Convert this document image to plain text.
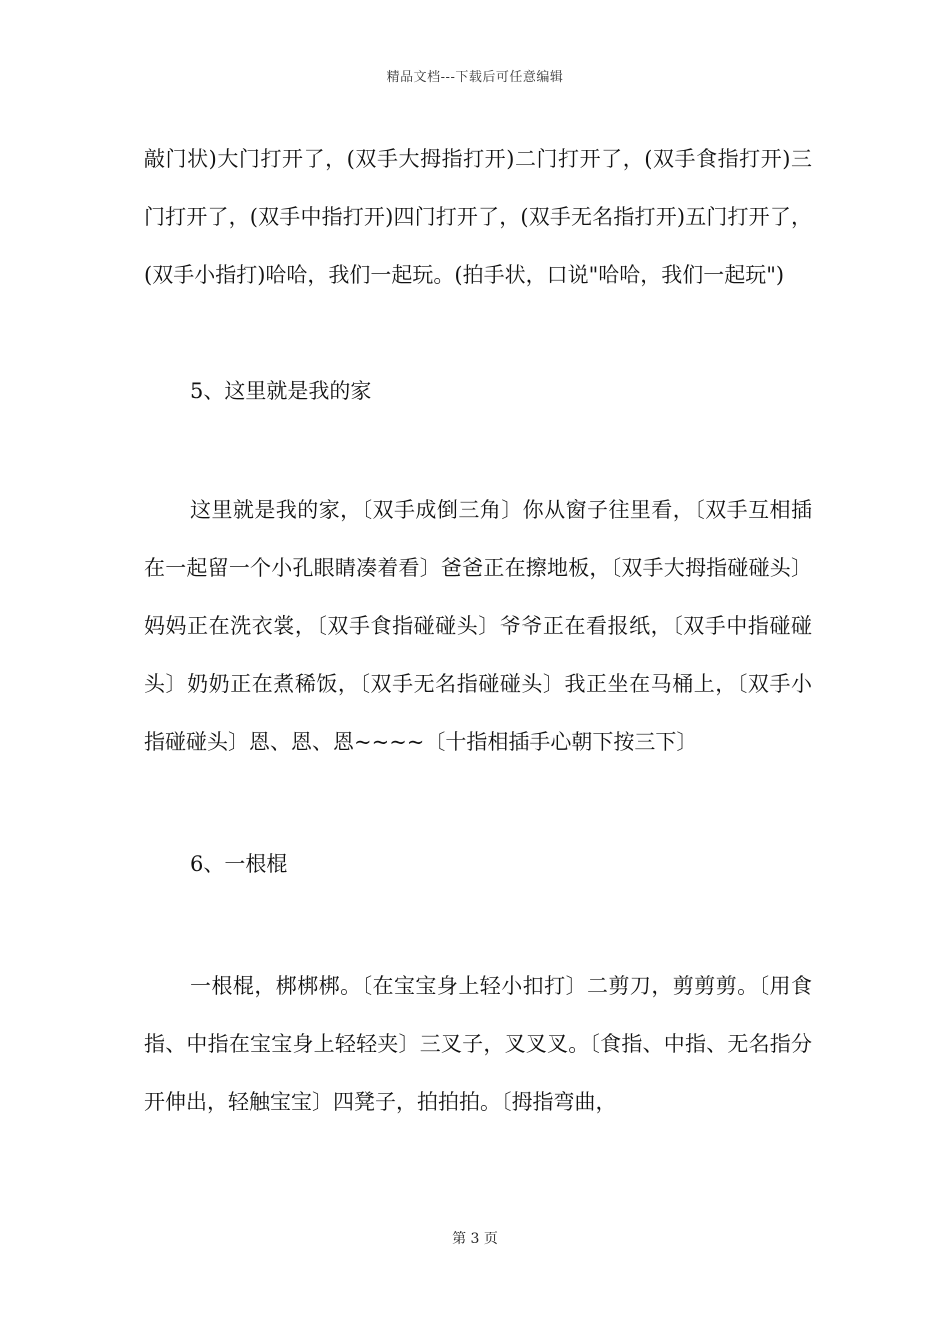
精品文档---下载后可任意编辑

敲门状)大门打开了，(双手大拇指打开)二门打开了，(双手食指打开)三门打开了，(双手中指打开)四门打开了，(双手无名指打开)五门打开了，(双手小指打)哈哈，我们一起玩。(拍手状，口说"哈哈，我们一起玩")

5、这里就是我的家

这里就是我的家，〔双手成倒三角〕你从窗子往里看，〔双手互相插在一起留一个小孔眼睛凑着看〕爸爸正在擦地板，〔双手大拇指碰碰头〕妈妈正在洗衣裳，〔双手食指碰碰头〕爷爷正在看报纸，〔双手中指碰碰头〕奶奶正在煮稀饭，〔双手无名指碰碰头〕我正坐在马桶上，〔双手小指碰碰头〕恩、恩、恩~~~~〔十指相插手心朝下按三下〕

6、一根棍

一根棍，梆梆梆。〔在宝宝身上轻小扣打〕二剪刀，剪剪剪。〔用食指、中指在宝宝身上轻轻夹〕三叉子，叉叉叉。〔食指、中指、无名指分开伸出，轻触宝宝〕四凳子，拍拍拍。〔拇指弯曲，

第 3 页
